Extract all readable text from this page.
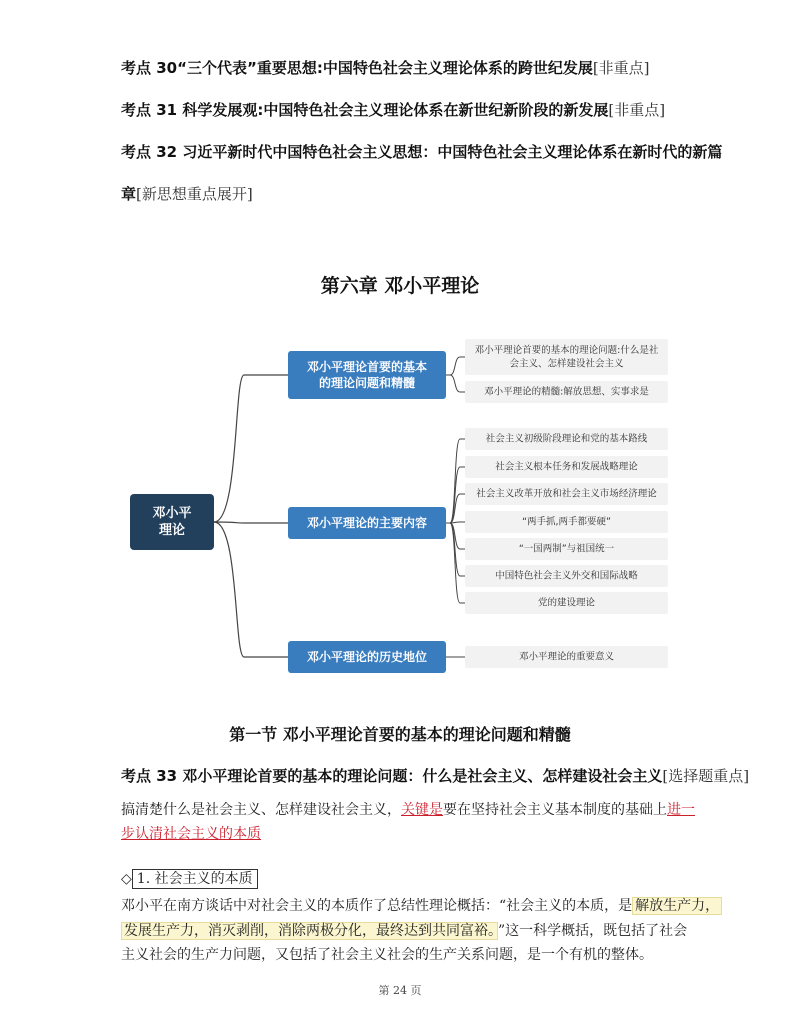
考点 30“三个代表”重要思想:中国特色社会主义理论体系的跨世纪发展[非重点]
考点 31 科学发展观:中国特色社会主义理论体系在新世纪新阶段的新发展[非重点]
考点 32 习近平新时代中国特色社会主义思想：中国特色社会主义理论体系在新时代的新篇
章[新思想重点展开]
第六章 邓小平理论
邓小平
理论
邓小平理论首要的基本
的理论问题和精髓
邓小平理论首要的基本的理论问题:什么是社
会主义、怎样建设社会主义
邓小平理论的精髓:解放思想、实事求是
邓小平理论的主要内容
社会主义初级阶段理论和党的基本路线
社会主义根本任务和发展战略理论
社会主义改革开放和社会主义市场经济理论
“两手抓,两手都要硬”
“一国两制”与祖国统一
中国特色社会主义外交和国际战略
党的建设理论
邓小平理论的历史地位	邓小平理论的重要意义
第一节 邓小平理论首要的基本的理论问题和精髓
考点 33 邓小平理论首要的基本的理论问题：什么是社会主义、怎样建设社会主义[选择题重点]
搞清楚什么是社会主义、怎样建设社会主义，关键是要在坚持社会主义基本制度的基础上进一
步认清社会主义的本质
◇ 1. 社会主义的本质
邓小平在南方谈话中对社会主义的本质作了总结性理论概括：“社会主义的本质，是 解放生产力，
发展生产力，消灭剥削，消除两极分化，最终达到共同富裕。 ”这一科学概括，既包括了社会
主义社会的生产力问题，又包括了社会主义社会的生产关系问题，是一个有机的整体。
第 24 页
